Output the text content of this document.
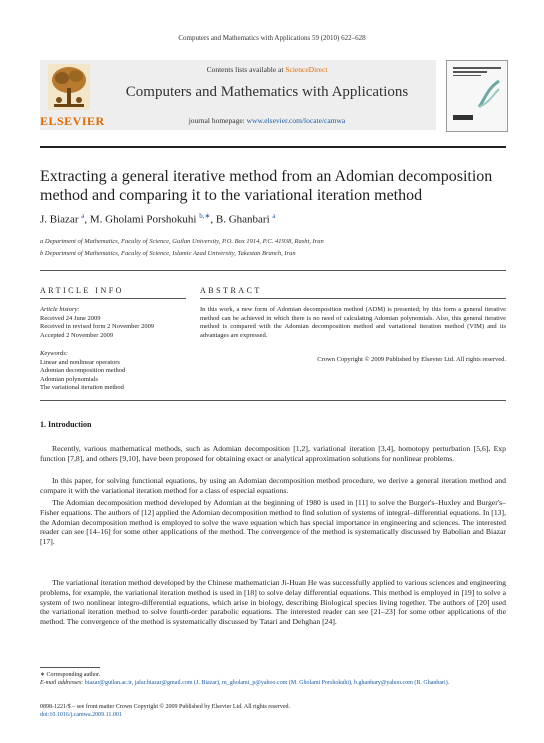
Computers and Mathematics with Applications 59 (2010) 622–628
ELSEVIER
Contents lists available at ScienceDirect
Computers and Mathematics with Applications
journal homepage: www.elsevier.com/locate/camwa
Extracting a general iterative method from an Adomian decomposition method and comparing it to the variational iteration method
J. Biazar $^a$, M. Gholami Porshokuhi $^{b,∗}$, B. Ghanbari $^a$
a Department of Mathematics, Faculty of Science, Guilan University, P.O. Box 1914, P.C. 41938, Rasht, Iran
b Department of Mathematics, Faculty of Science, Islamic Azad University, Takestan Branch, Iran
ARTICLE INFO	ABSTRACT
Article history:
Received 24 June 2009
Received in revised form 2 November 2009
Accepted 2 November 2009
Keywords:
Linear and nonlinear operators
Adomian decomposition method
Adomian polynomials
The variational iteration method
In this work, a new form of Adomian decomposition method (ADM) is presented; by this form a general iterative method can be achieved in which there is no need of calculating Adomian polynomials. Also, this general iterative method is compared with the Adomian decomposition method and variational iteration method (VIM) and its advantages are expressed.
Crown Copyright © 2009 Published by Elsevier Ltd. All rights reserved.
1. Introduction
Recently, various mathematical methods, such as Adomian decomposition [1,2], variational iteration [3,4], homotopy perturbation [5,6], Exp function [7,8], and others [9,10], have been proposed for obtaining exact or analytical approximation solutions for nonlinear problems.
In this paper, for solving functional equations, by using an Adomian decomposition method procedure, we derive a general iteration method and compare it with the variational iteration method for a class of especial equations.
The Adomian decomposition method developed by Adomian at the beginning of 1980 is used in [11] to solve the Burger's–Huxley and Burger's–Fisher equations. The authors of [12] applied the Adomian decomposition method to find solution of systems of integral–differential equations. In [13], the Adomian decomposition method is employed to solve the wave equation which has special importance in engineering and sciences. The interested reader can see [14–16] for some other applications of the method. The convergence of the method is systematically discussed by Babolian and Biazar [17].
The variational iteration method developed by the Chinese mathematician Ji-Huan He was successfully applied to various sciences and engineering problems, for example, the variational iteration method is used in [18] to solve delay differential equations. This method is employed in [19] to solve a system of two nonlinear integro-differential equations, which arise in biology, describing Biological species living together. The authors of [20] used the variational iteration method to solve fourth-order parabolic equations. The interested reader can see [21–23] for some other applications of the method. The convergence of the method is systematically discussed by Tatari and Dehghan [24].
∗ Corresponding author.
E-mail addresses: biazar@guilan.ac.ir, jafar.biazar@gmail.com (J. Biazar), m_gholami_p@yahoo.com (M. Gholami Porshokuhi), b.ghanbary@yahoo.com (B. Ghanbari).
0898-1221/$ – see front matter Crown Copyright © 2009 Published by Elsevier Ltd. All rights reserved.
doi:10.1016/j.camwa.2009.11.001
